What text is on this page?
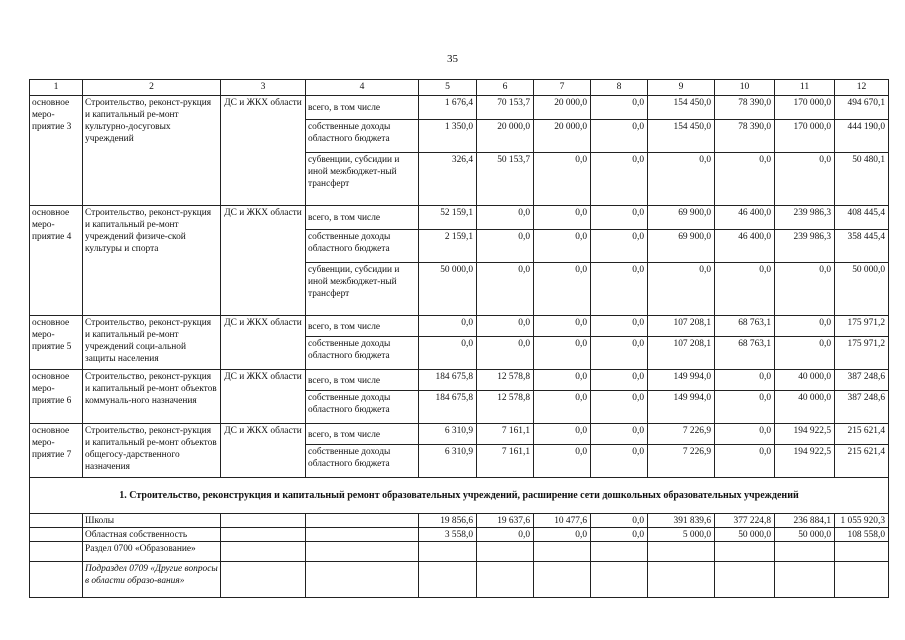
35
1	2	3	4	5	6	7	8	9	10	11	12
основное меро-приятие 3	Строительство, реконст-рукция и капитальный ре-монт культурно-досуговых учреждений	ДС и ЖКХ области	всего, в том числе	1 676,4	70 153,7	20 000,0	0,0	154 450,0	78 390,0	170 000,0	494 670,1
			собственные доходы областного бюджета	1 350,0	20 000,0	20 000,0	0,0	154 450,0	78 390,0	170 000,0	444 190,0
			субвенции, субсидии и иной межбюджет-ный трансферт	326,4	50 153,7	0,0	0,0	0,0	0,0	0,0	50 480,1
основное меро-приятие 4	Строительство, реконст-рукция и капитальный ре-монт учреждений физиче-ской культуры и спорта	ДС и ЖКХ области	всего, в том числе	52 159,1	0,0	0,0	0,0	69 900,0	46 400,0	239 986,3	408 445,4
			собственные доходы областного бюджета	2 159,1	0,0	0,0	0,0	69 900,0	46 400,0	239 986,3	358 445,4
			субвенции, субсидии и иной межбюджет-ный трансферт	50 000,0	0,0	0,0	0,0	0,0	0,0	0,0	50 000,0
основное меро-приятие 5	Строительство, реконст-рукция и капитальный ре-монт учреждений соци-альной защиты населения	ДС и ЖКХ области	всего, в том числе	0,0	0,0	0,0	0,0	107 208,1	68 763,1	0,0	175 971,2
			собственные доходы областного бюджета	0,0	0,0	0,0	0,0	107 208,1	68 763,1	0,0	175 971,2
основное меро-приятие 6	Строительство, реконст-рукция и капитальный ре-монт объектов коммуналь-ного назначения	ДС и ЖКХ области	всего, в том числе	184 675,8	12 578,8	0,0	0,0	149 994,0	0,0	40 000,0	387 248,6
			собственные доходы областного бюджета	184 675,8	12 578,8	0,0	0,0	149 994,0	0,0	40 000,0	387 248,6
основное меро-приятие 7	Строительство, реконст-рукция и капитальный ре-монт объектов общегосу-дарственного назначения	ДС и ЖКХ области	всего, в том числе	6 310,9	7 161,1	0,0	0,0	7 226,9	0,0	194 922,5	215 621,4
			собственные доходы областного бюджета	6 310,9	7 161,1	0,0	0,0	7 226,9	0,0	194 922,5	215 621,4
1. Строительство, реконструкция и капитальный ремонт образовательных учреждений, расширение сети дошкольных образовательных учреждений											
	Школы			19 856,6	19 637,6	10 477,6	0,0	391 839,6	377 224,8	236 884,1	1 055 920,3
	Областная собственность			3 558,0	0,0	0,0	0,0	5 000,0	50 000,0	50 000,0	108 558,0
	Раздел 0700 «Образование»										
	Подраздел 0709 «Другие вопросы в области образо-вания»										
